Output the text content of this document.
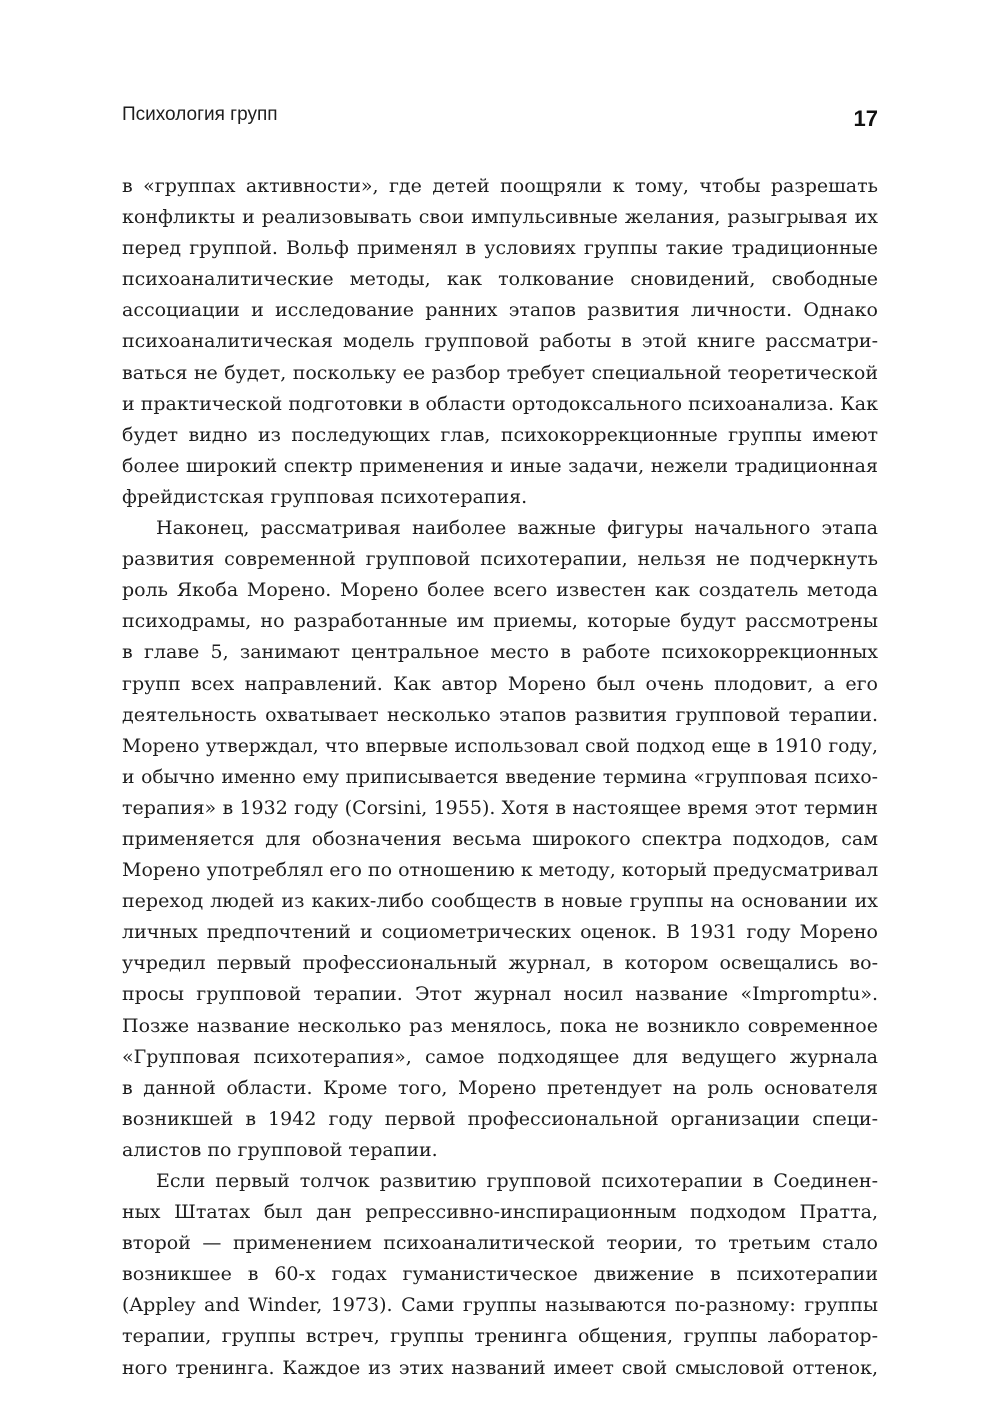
Психология групп	17
в «группах активности», где детей поощряли к тому, чтобы разрешать
конфликты и реализовывать свои импульсивные желания, разыгрывая их
перед группой. Вольф применял в условиях группы такие традиционные
психоаналитические методы, как толкование сновидений, свободные
ассоциации и исследование ранних этапов развития личности. Однако
психоаналитическая модель групповой работы в этой книге рассматри-
ваться не будет, поскольку ее разбор требует специальной теоретической
и практической подготовки в области ортодоксального психоанализа. Как
будет видно из последующих глав, психокоррекционные группы имеют
более широкий спектр применения и иные задачи, нежели традиционная
фрейдистская групповая психотерапия.
Наконец, рассматривая наиболее важные фигуры начального этапа
развития современной групповой психотерапии, нельзя не подчеркнуть
роль Якоба Морено. Морено более всего известен как создатель метода
психодрамы, но разработанные им приемы, которые будут рассмотрены
в главе 5, занимают центральное место в работе психокоррекционных
групп всех направлений. Как автор Морено был очень плодовит, а его
деятельность охватывает несколько этапов развития групповой терапии.
Морено утверждал, что впервые использовал свой подход еще в 1910 году,
и обычно именно ему приписывается введение термина «групповая психо-
терапия» в 1932 году (Corsini, 1955). Хотя в настоящее время этот термин
применяется для обозначения весьма широкого спектра подходов, сам
Морено употреблял его по отношению к методу, который предусматривал
переход людей из каких-либо сообществ в новые группы на основании их
личных предпочтений и социометрических оценок. В 1931 году Морено
учредил первый профессиональный журнал, в котором освещались во-
просы групповой терапии. Этот журнал носил название «Impromptu».
Позже название несколько раз менялось, пока не возникло современное
«Групповая психотерапия», самое подходящее для ведущего журнала
в данной области. Кроме того, Морено претендует на роль основателя
возникшей в 1942 году первой профессиональной организации специ-
алистов по групповой терапии.
Если первый толчок развитию групповой психотерапии в Соединен-
ных Штатах был дан репрессивно-инспирационным подходом Пратта,
второй — применением психоаналитической теории, то третьим стало
возникшее в 60-х годах гуманистическое движение в психотерапии
(Appley and Winder, 1973). Сами группы называются по-разному: группы
терапии, группы встреч, группы тренинга общения, группы лаборатор-
ного тренинга. Каждое из этих названий имеет свой смысловой оттенок,
